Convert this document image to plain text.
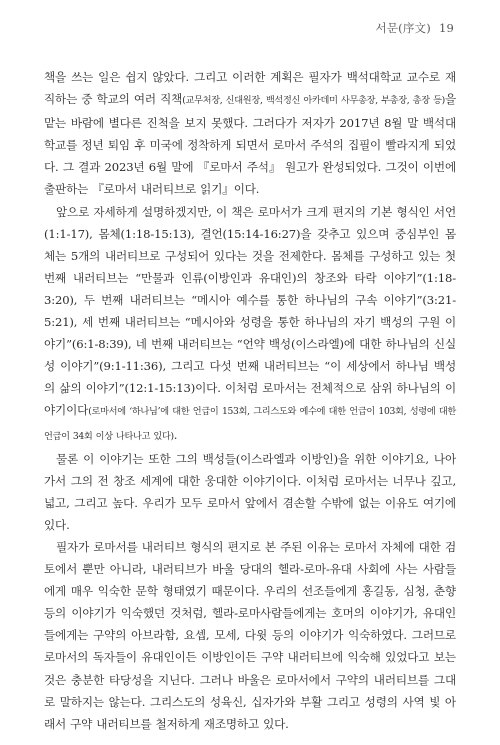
서문(序文) 19

책을 쓰는 일은 쉽지 않았다. 그리고 이러한 계획은 필자가 백석대학교 교수로 재직하는 중 학교의 여러 직책(교무처장, 신대원장, 백석정신 아카데미 사무총장, 부총장, 총장 등)을 맡는 바람에 별다른 진척을 보지 못했다. 그러다가 저자가 2017년 8월 말 백석대학교를 정년 퇴임 후 미국에 정착하게 되면서 로마서 주석의 집필이 빨라지게 되었다. 그 결과 2023년 6월 말에 『로마서 주석』 원고가 완성되었다. 그것이 이번에 출판하는 『로마서 내러티브로 읽기』이다.

앞으로 자세하게 설명하겠지만, 이 책은 로마서가 크게 편지의 기본 형식인 서언(1:1-17), 몸체(1:18-15:13), 결언(15:14-16:27)을 갖추고 있으며 중심부인 몸체는 5개의 내러티브로 구성되어 있다는 것을 전제한다. 몸체를 구성하고 있는 첫 번째 내러티브는 “만물과 인류(이방인과 유대인)의 창조와 타락 이야기”(1:18-3:20), 두 번째 내러티브는 “메시아 예수를 통한 하나님의 구속 이야기”(3:21-5:21), 세 번째 내러티브는 “메시아와 성령을 통한 하나님의 자기 백성의 구원 이야기”(6:1-8:39), 네 번째 내러티브는 “언약 백성(이스라엘)에 대한 하나님의 신실성 이야기”(9:1-11:36), 그리고 다섯 번째 내러티브는 “이 세상에서 하나님 백성의 삶의 이야기”(12:1-15:13)이다. 이처럼 로마서는 전체적으로 삼위 하나님의 이야기이다(로마서에 ‘하나님’에 대한 언급이 153회, 그리스도와 예수에 대한 언급이 103회, 성령에 대한 언급이 34회 이상 나타나고 있다).

물론 이 이야기는 또한 그의 백성들(이스라엘과 이방인)을 위한 이야기요, 나아가서 그의 전 창조 세계에 대한 웅대한 이야기이다. 이처럼 로마서는 너무나 깊고, 넓고, 그리고 높다. 우리가 모두 로마서 앞에서 겸손할 수밖에 없는 이유도 여기에 있다.

필자가 로마서를 내러티브 형식의 편지로 본 주된 이유는 로마서 자체에 대한 검토에서 뿐만 아니라, 내러티브가 바울 당대의 헬라-로마-유대 사회에 사는 사람들에게 매우 익숙한 문학 형태였기 때문이다. 우리의 선조들에게 홍길동, 심청, 춘향 등의 이야기가 익숙했던 것처럼, 헬라-로마사람들에게는 호머의 이야기가, 유대인들에게는 구약의 아브라함, 요셉, 모세, 다윗 등의 이야기가 익숙하였다. 그러므로 로마서의 독자들이 유대인이든 이방인이든 구약 내러티브에 익숙해 있었다고 보는 것은 충분한 타당성을 지닌다. 그러나 바울은 로마서에서 구약의 내러티브를 그대로 말하지는 않는다. 그리스도의 성육신, 십자가와 부활 그리고 성령의 사역 빛 아래서 구약 내러티브를 철저하게 재조명하고 있다.
